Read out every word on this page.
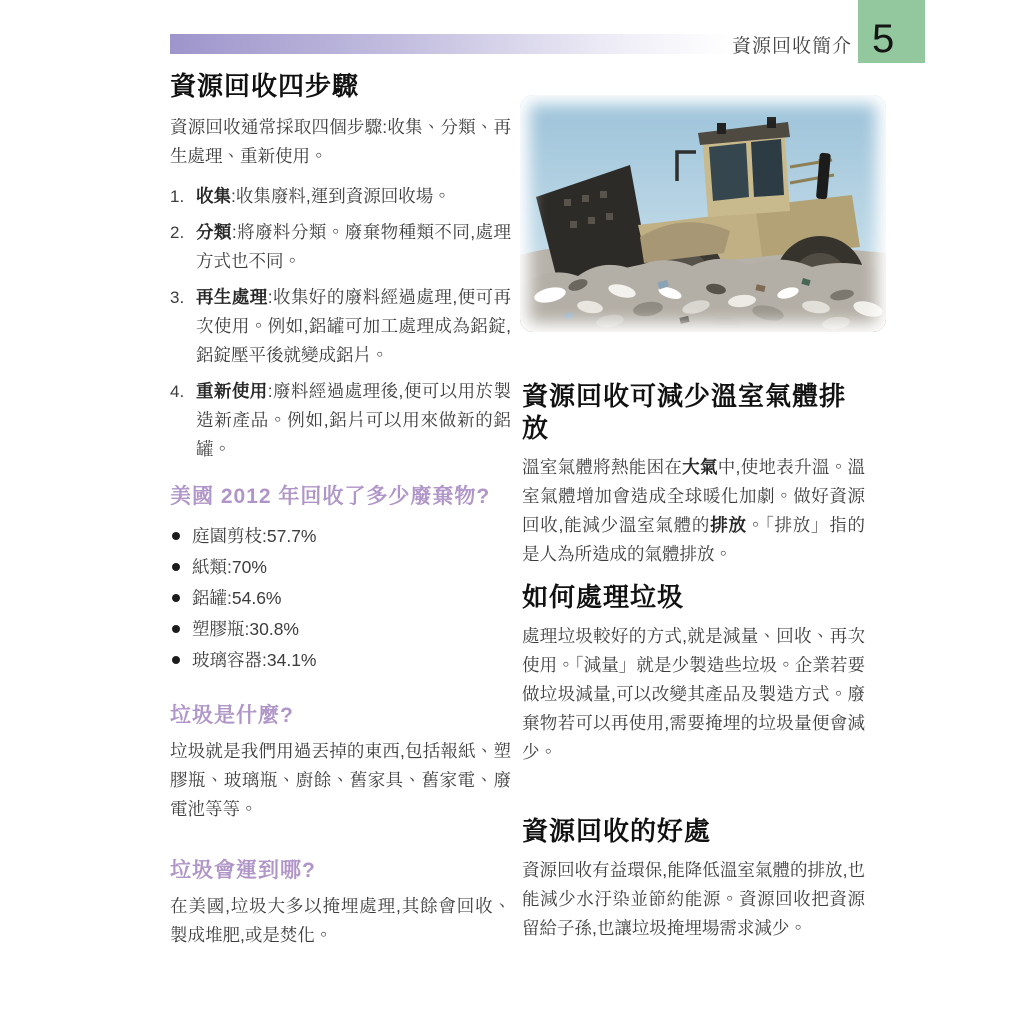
資源回收簡介 5
資源回收四步驟

資源回收通常採取四個步驟:收集、分類、再生處理、重新使用。

1. 收集:收集廢料,運到資源回收場。
2. 分類:將廢料分類。廢棄物種類不同,處理方式也不同。
3. 再生處理:收集好的廢料經過處理,便可再次使用。例如,鋁罐可加工處理成為鋁錠,鋁錠壓平後就變成鋁片。
4. 重新使用:廢料經過處理後,便可以用於製造新產品。例如,鋁片可以用來做新的鋁罐。
美國 2012 年回收了多少廢棄物?
庭園剪枝:57.7%
紙類:70%
鋁罐:54.6%
塑膠瓶:30.8%
玻璃容器:34.1%
垃圾是什麼?

垃圾就是我們用過丟掉的東西,包括報紙、塑膠瓶、玻璃瓶、廚餘、舊家具、舊家電、廢電池等等。

垃圾會運到哪?

在美國,垃圾大多以掩埋處理,其餘會回收、製成堆肥,或是焚化。

資源回收可減少溫室氣體排放

溫室氣體將熱能困在大氣中,使地表升溫。溫室氣體增加會造成全球暖化加劇。做好資源回收,能減少溫室氣體的排放。「排放」指的是人為所造成的氣體排放。

如何處理垃圾

處理垃圾較好的方式,就是減量、回收、再次使用。「減量」就是少製造些垃圾。企業若要做垃圾減量,可以改變其產品及製造方式。廢棄物若可以再使用,需要掩埋的垃圾量便會減少。

資源回收的好處

資源回收有益環保,能降低溫室氣體的排放,也能減少水汙染並節約能源。資源回收把資源留給子孫,也讓垃圾掩埋場需求減少。
